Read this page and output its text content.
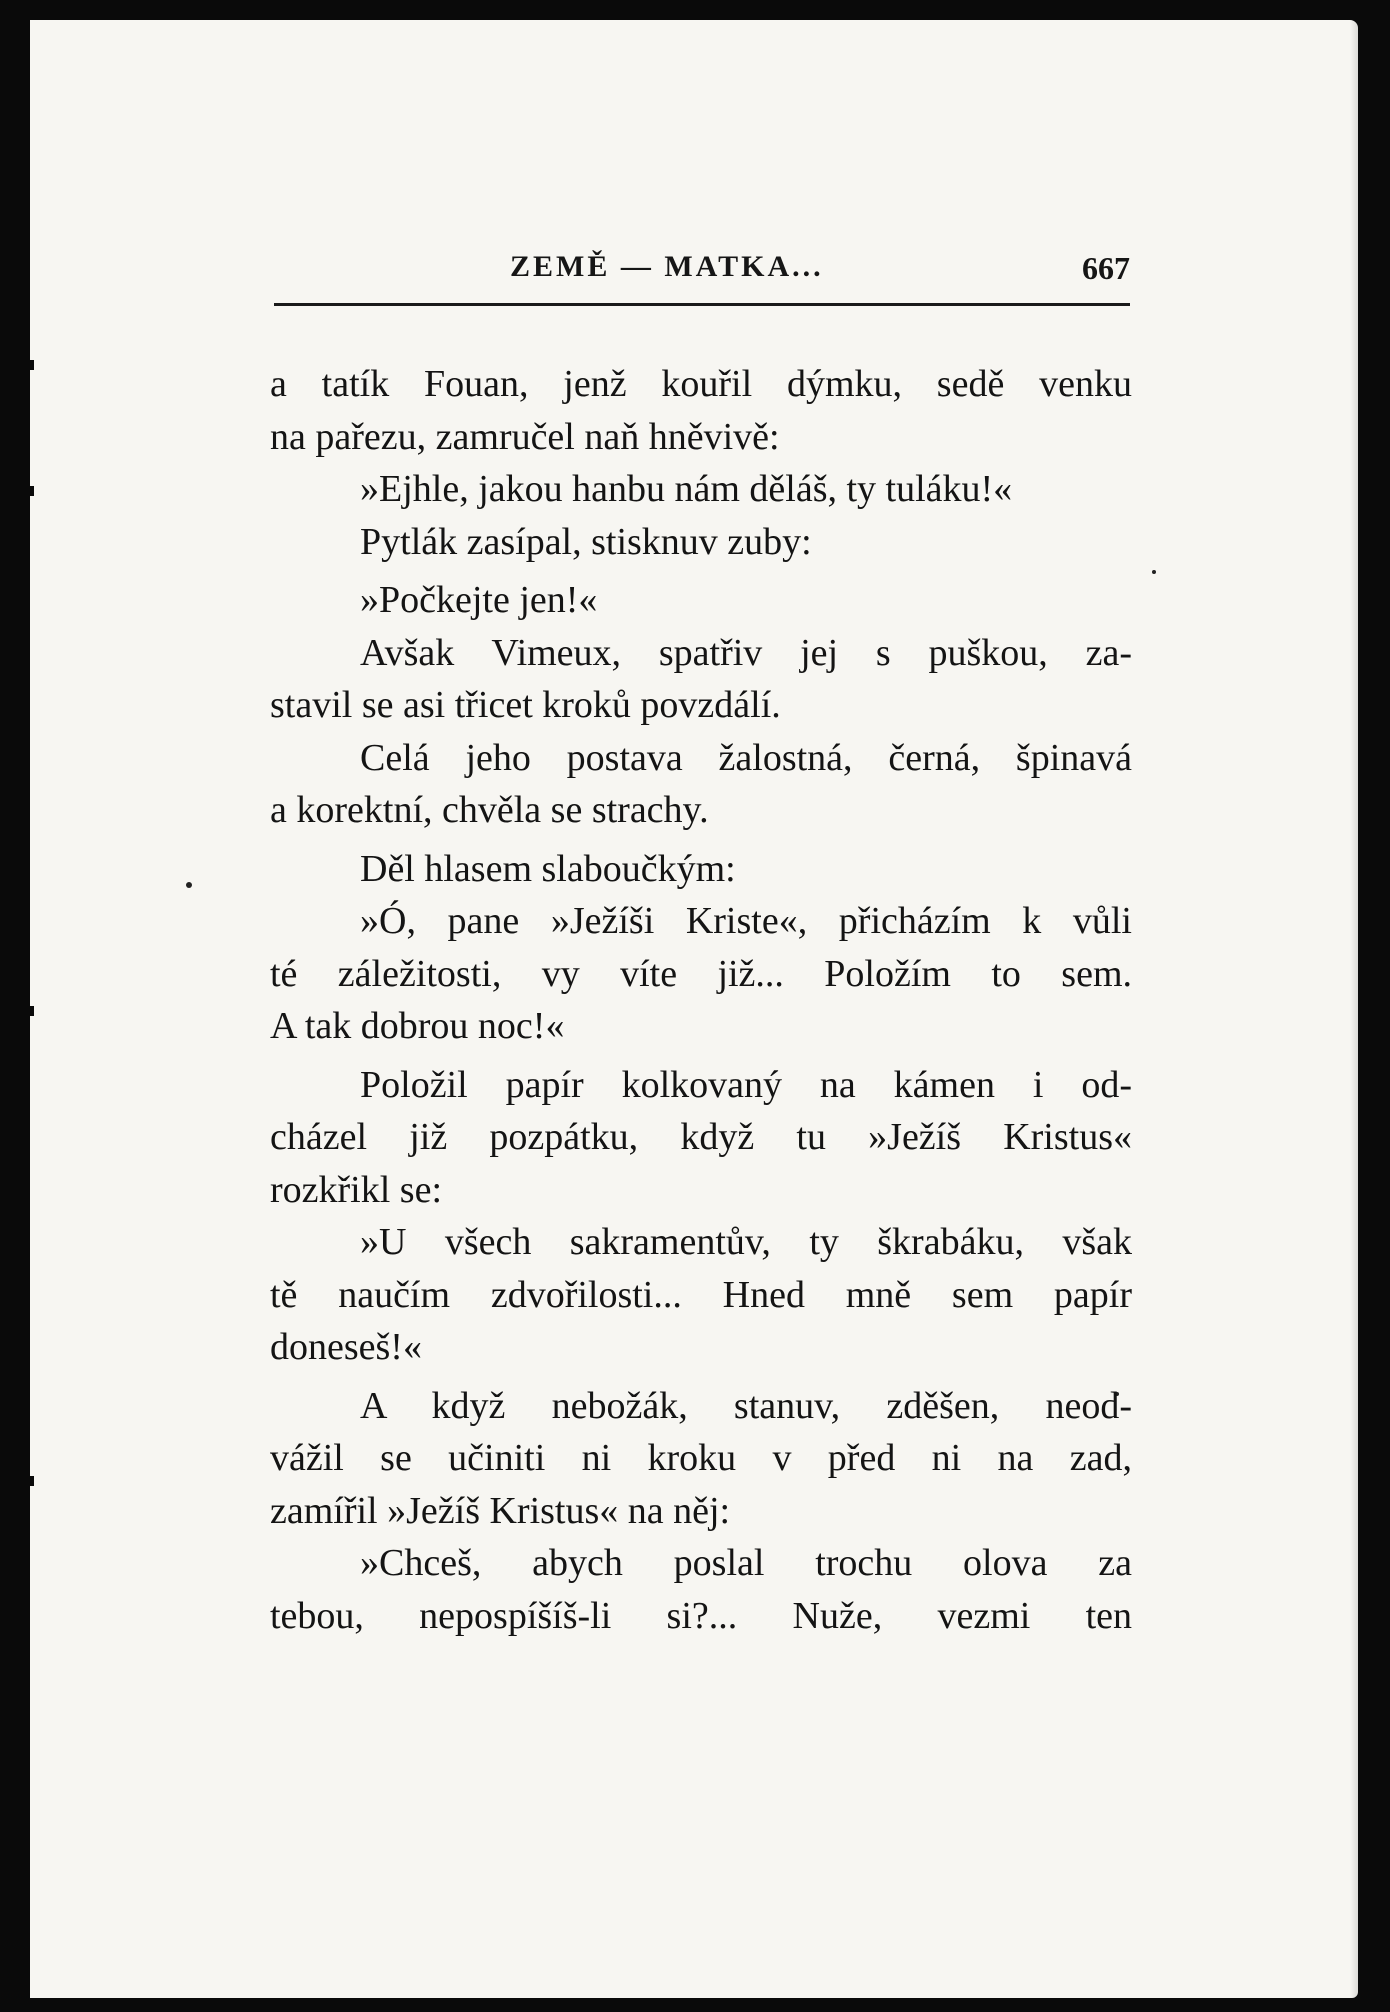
ZEMĚ — MATKA...	667
a tatík Fouan, jenž kouřil dýmku, sedě venku
na pařezu, zamručel naň hněvivě:
»Ejhle, jakou hanbu nám děláš, ty tuláku!«
Pytlák zasípal, stisknuv zuby:
»Počkejte jen!«
Avšak Vimeux, spatřiv jej s puškou, za-
stavil se asi třicet kroků povzdálí.
Celá jeho postava žalostná, černá, špinavá
a korektní, chvěla se strachy.
Děl hlasem slaboučkým:
»Ó, pane »Ježíši Kriste«, přicházím k vůli
té záležitosti, vy víte již... Položím to sem.
A tak dobrou noc!«
Položil papír kolkovaný na kámen i od-
cházel již pozpátku, když tu »Ježíš Kristus«
rozkřikl se:
»U všech sakramentův, ty škrabáku, však
tě naučím zdvořilosti... Hned mně sem papír
doneseš!«
A když nebožák, stanuv, zděšen, neod-
vážil se učiniti ni kroku v před ni na zad,
zamířil »Ježíš Kristus« na něj:
»Chceš, abych poslal trochu olova za
tebou, nepospíšíš-li si?... Nuže, vezmi ten
